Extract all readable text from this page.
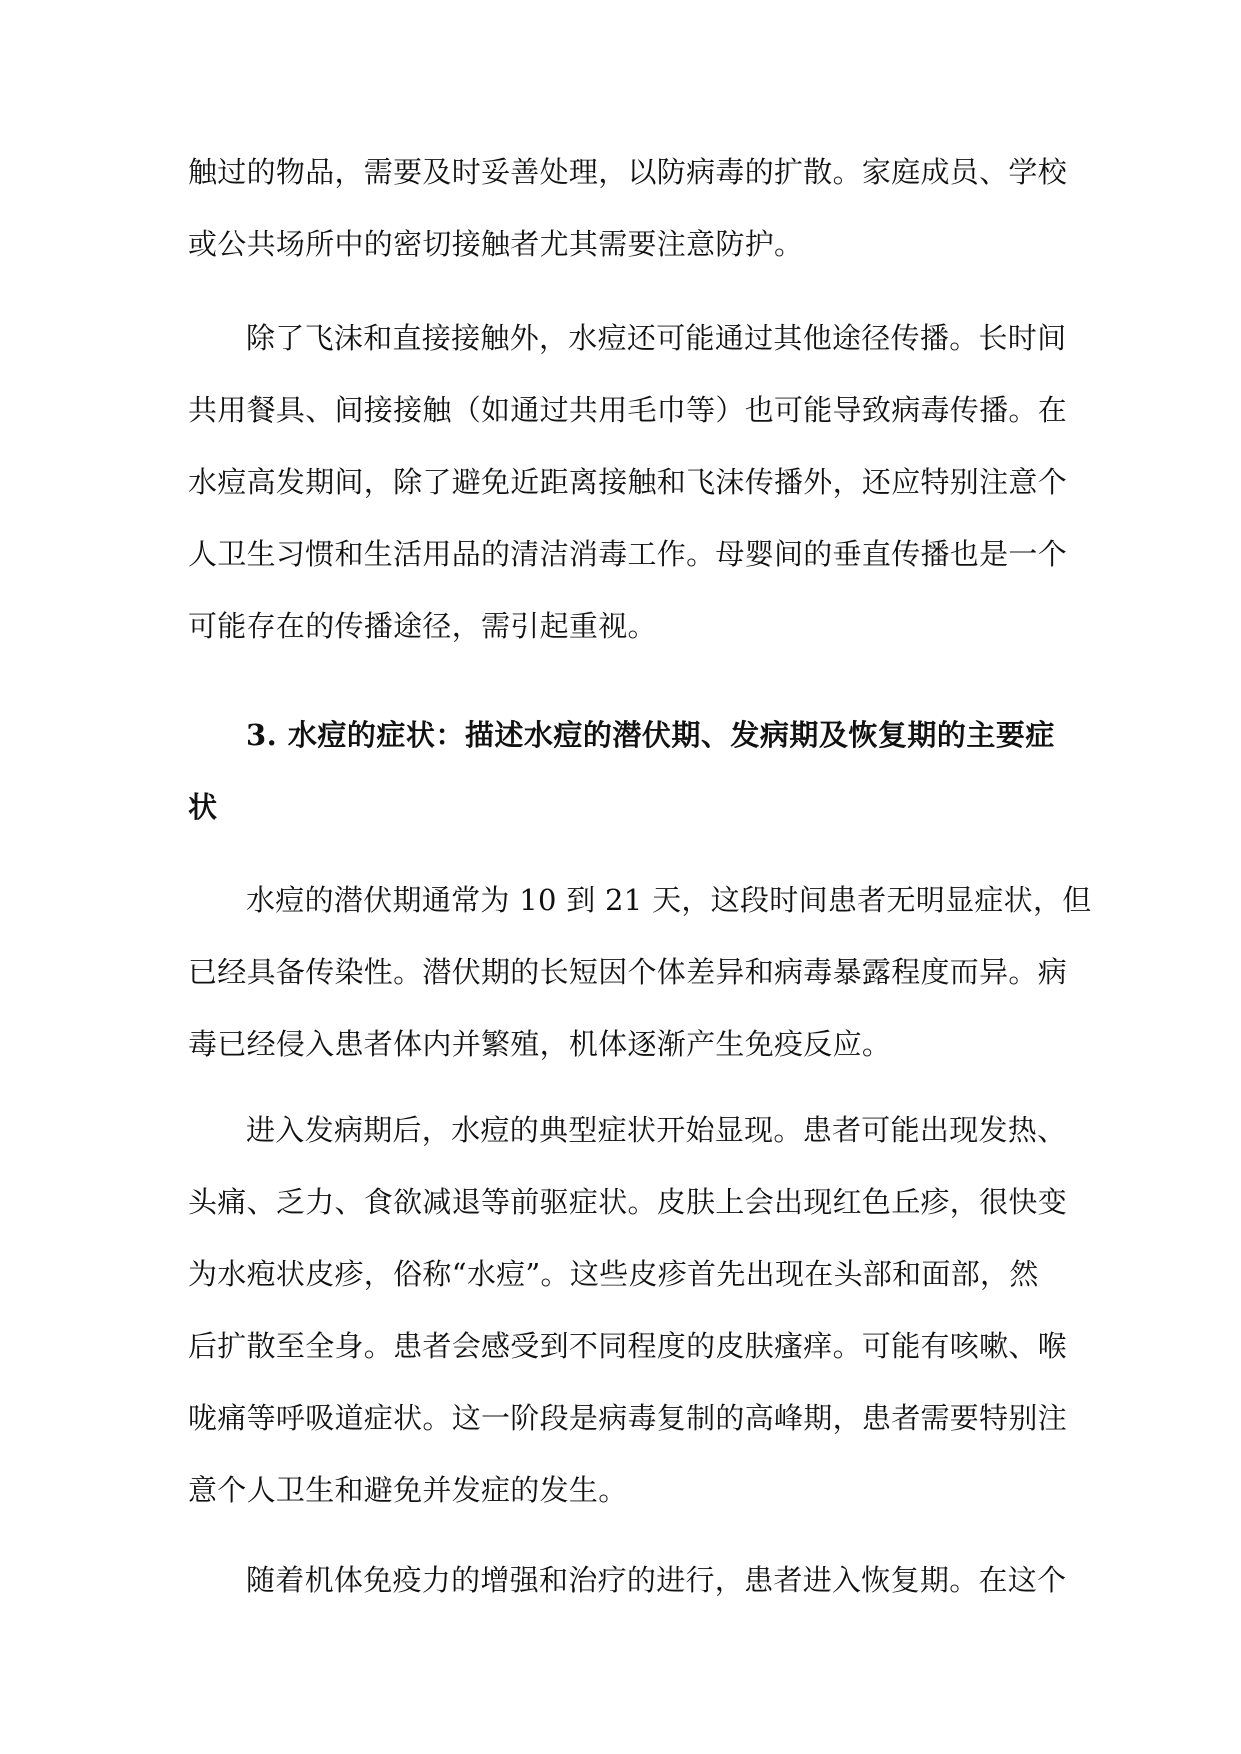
触过的物品，需要及时妥善处理，以防病毒的扩散。家庭成员、学校
或公共场所中的密切接触者尤其需要注意防护。
除了飞沫和直接接触外，水痘还可能通过其他途径传播。长时间
共用餐具、间接接触（如通过共用毛巾等）也可能导致病毒传播。在
水痘高发期间，除了避免近距离接触和飞沫传播外，还应特别注意个
人卫生习惯和生活用品的清洁消毒工作。母婴间的垂直传播也是一个
可能存在的传播途径，需引起重视。
3. 水痘的症状：描述水痘的潜伏期、发病期及恢复期的主要症
状
水痘的潜伏期通常为 10 到 21 天，这段时间患者无明显症状，但
已经具备传染性。潜伏期的长短因个体差异和病毒暴露程度而异。病
毒已经侵入患者体内并繁殖，机体逐渐产生免疫反应。
进入发病期后，水痘的典型症状开始显现。患者可能出现发热、
头痛、乏力、食欲减退等前驱症状。皮肤上会出现红色丘疹，很快变
为水疱状皮疹，俗称“水痘”。这些皮疹首先出现在头部和面部，然
后扩散至全身。患者会感受到不同程度的皮肤瘙痒。可能有咳嗽、喉
咙痛等呼吸道症状。这一阶段是病毒复制的高峰期，患者需要特别注
意个人卫生和避免并发症的发生。
随着机体免疫力的增强和治疗的进行，患者进入恢复期。在这个
